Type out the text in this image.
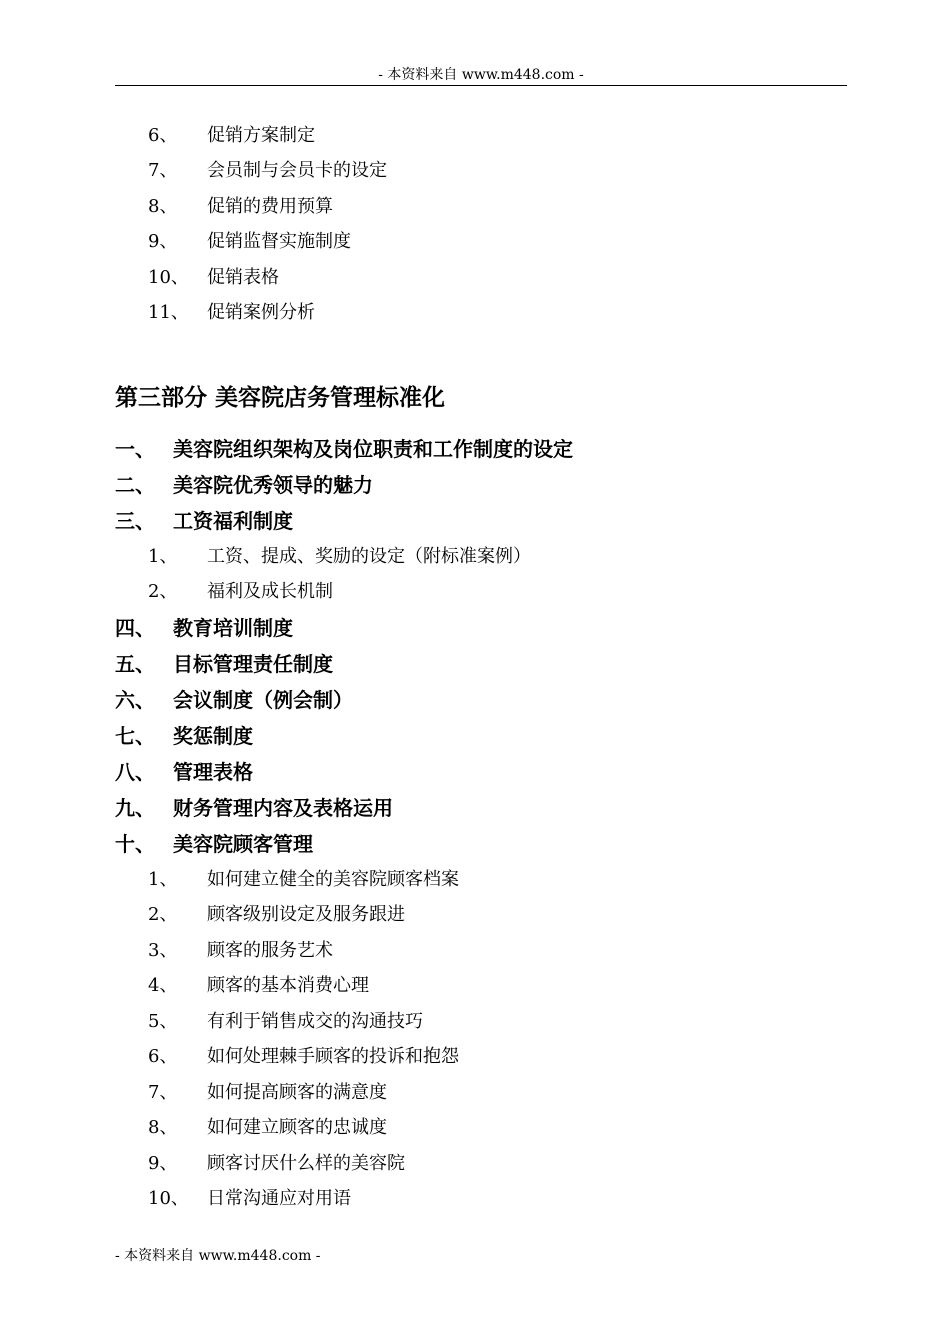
- 本资料来自 www.m448.com -
6、 促销方案制定
7、 会员制与会员卡的设定
8、 促销的费用预算
9、 促销监督实施制度
10、 促销表格
11、 促销案例分析
第三部分 美容院店务管理标准化
一、 美容院组织架构及岗位职责和工作制度的设定
二、 美容院优秀领导的魅力
三、 工资福利制度
1、 工资、提成、奖励的设定（附标准案例）
2、 福利及成长机制
四、 教育培训制度
五、 目标管理责任制度
六、 会议制度（例会制）
七、 奖惩制度
八、 管理表格
九、 财务管理内容及表格运用
十、 美容院顾客管理
1、 如何建立健全的美容院顾客档案
2、 顾客级别设定及服务跟进
3、 顾客的服务艺术
4、 顾客的基本消费心理
5、 有利于销售成交的沟通技巧
6、 如何处理棘手顾客的投诉和抱怨
7、 如何提高顾客的满意度
8、 如何建立顾客的忠诚度
9、 顾客讨厌什么样的美容院
10、 日常沟通应对用语
- 本资料来自 www.m448.com -
